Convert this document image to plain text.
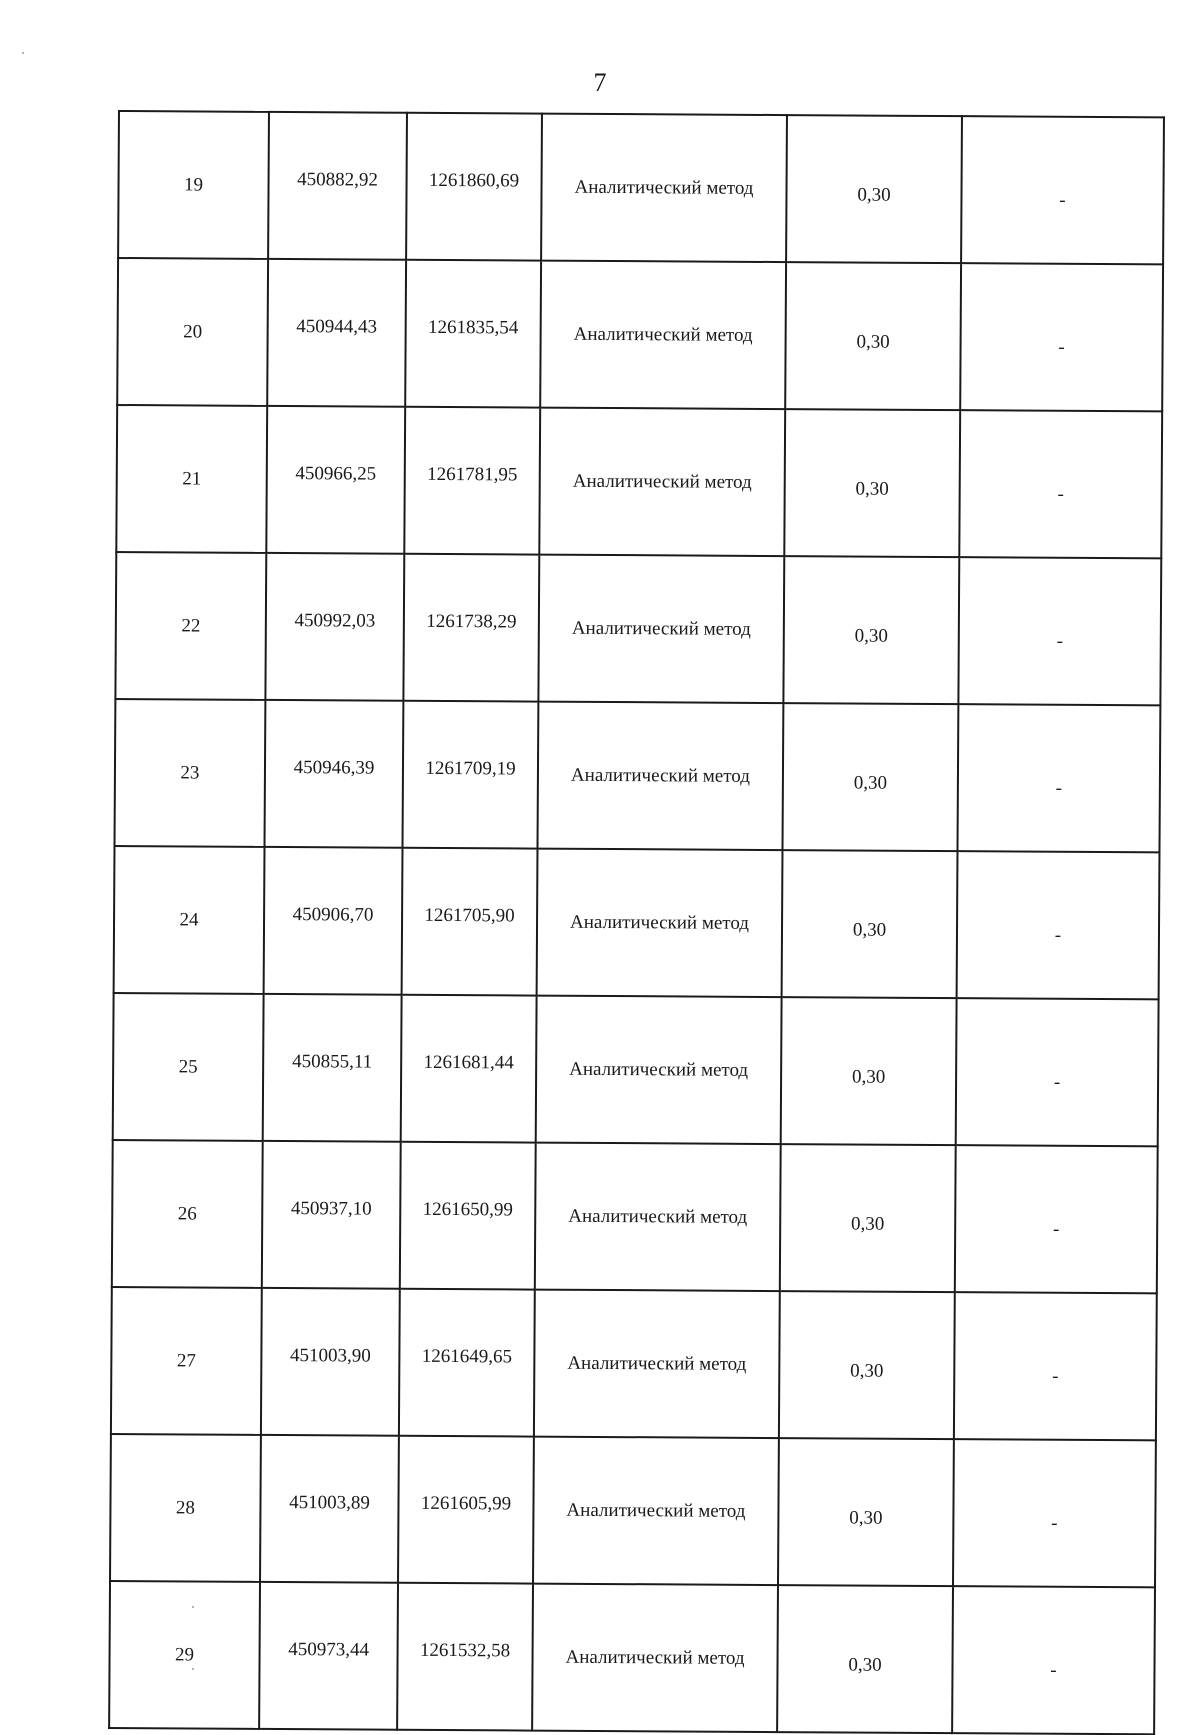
7
19	450882,92	1261860,69	Аналитический метод	0,30	-
20	450944,43	1261835,54	Аналитический метод	0,30	-
21	450966,25	1261781,95	Аналитический метод	0,30	-
22	450992,03	1261738,29	Аналитический метод	0,30	-
23	450946,39	1261709,19	Аналитический метод	0,30	-
24	450906,70	1261705,90	Аналитический метод	0,30	-
25	450855,11	1261681,44	Аналитический метод	0,30	-
26	450937,10	1261650,99	Аналитический метод	0,30	-
27	451003,90	1261649,65	Аналитический метод	0,30	-
28	451003,89	1261605,99	Аналитический метод	0,30	-
29	450973,44	1261532,58	Аналитический метод	0,30	-
